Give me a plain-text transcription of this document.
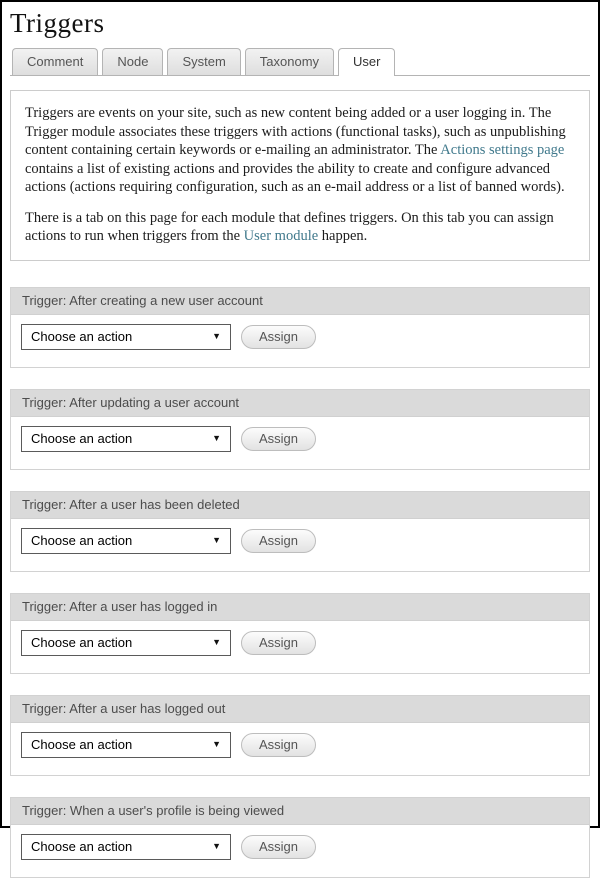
Triggers
Comment	Node	System	Taxonomy	User

Triggers are events on your site, such as new content being added or a user logging in. The Trigger module associates these triggers with actions (functional tasks), such as unpublishing content containing certain keywords or e-mailing an administrator. The Actions settings page contains a list of existing actions and provides the ability to create and configure advanced actions (actions requiring configuration, such as an e-mail address or a list of banned words).

There is a tab on this page for each module that defines triggers. On this tab you can assign actions to run when triggers from the User module happen.

Trigger: After creating a new user account
Choose an action	▼	Assign
Trigger: After updating a user account
Choose an action	▼	Assign
Trigger: After a user has been deleted
Choose an action	▼	Assign
Trigger: After a user has logged in
Choose an action	▼	Assign
Trigger: After a user has logged out
Choose an action	▼	Assign
Trigger: When a user's profile is being viewed
Choose an action	▼	Assign
